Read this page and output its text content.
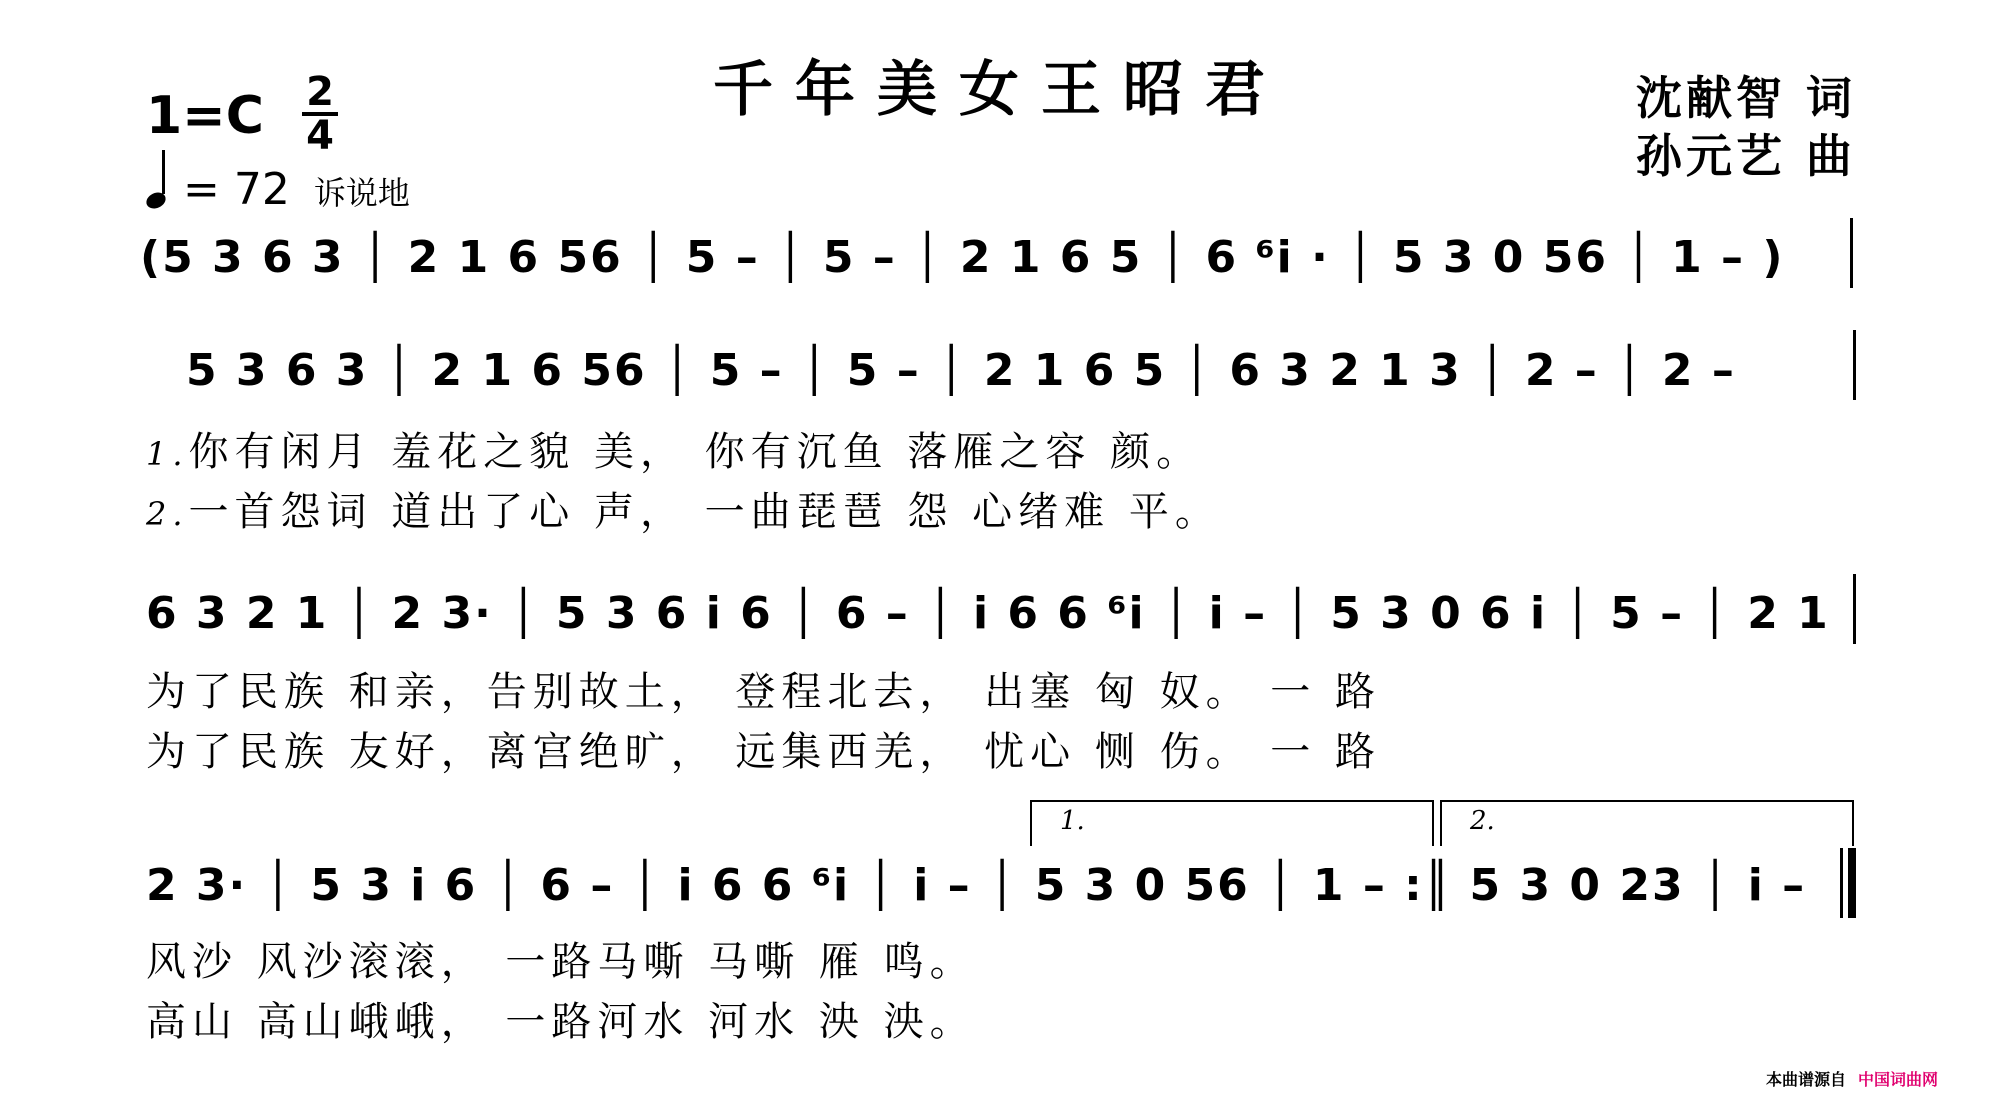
千年美女王昭君	沈献智 词
孙元艺 曲
1=C 2
4
= 72 诉说地
(5 3 6 3 │ 2 1 6 56 │ 5 – │ 5 – │ 2 1 6 5 │ 6 ⁶i · │ 5 3 0 56 │ 1 – )
5 3 6 3 │ 2 1 6 56 │ 5 – │ 5 – │ 2 1 6 5 │ 6 3 2 1 3 │ 2 – │ 2 –
1.你有闲月 羞花之貌 美， 你有沉鱼 落雁之容 颜。
2.一首怨词 道出了心 声， 一曲琵琶 怨 心绪难 平。
6 3 2 1 │ 2 3· │ 5 3 6 i 6 │ 6 – │ i 6 6 ⁶i │ i – │ 5 3 0 6 i │ 5 – │ 2 1
为了民族 和亲，告别故土， 登程北去， 出塞 匈 奴。 一 路
为了民族 友好，离宫绝旷， 远集西羌， 忧心 恻 伤。 一 路
1.	2.
2 3· │ 5 3 i 6 │ 6 – │ i 6 6 ⁶i │ i – │ 5 3 0 56 │ 1 – :║ 5 3 0 23 │ i –
风沙 风沙滚滚， 一路马嘶 马嘶 雁 鸣。
高山 高山峨峨， 一路河水 河水 泱 泱。
本曲谱源自 中国词曲网
